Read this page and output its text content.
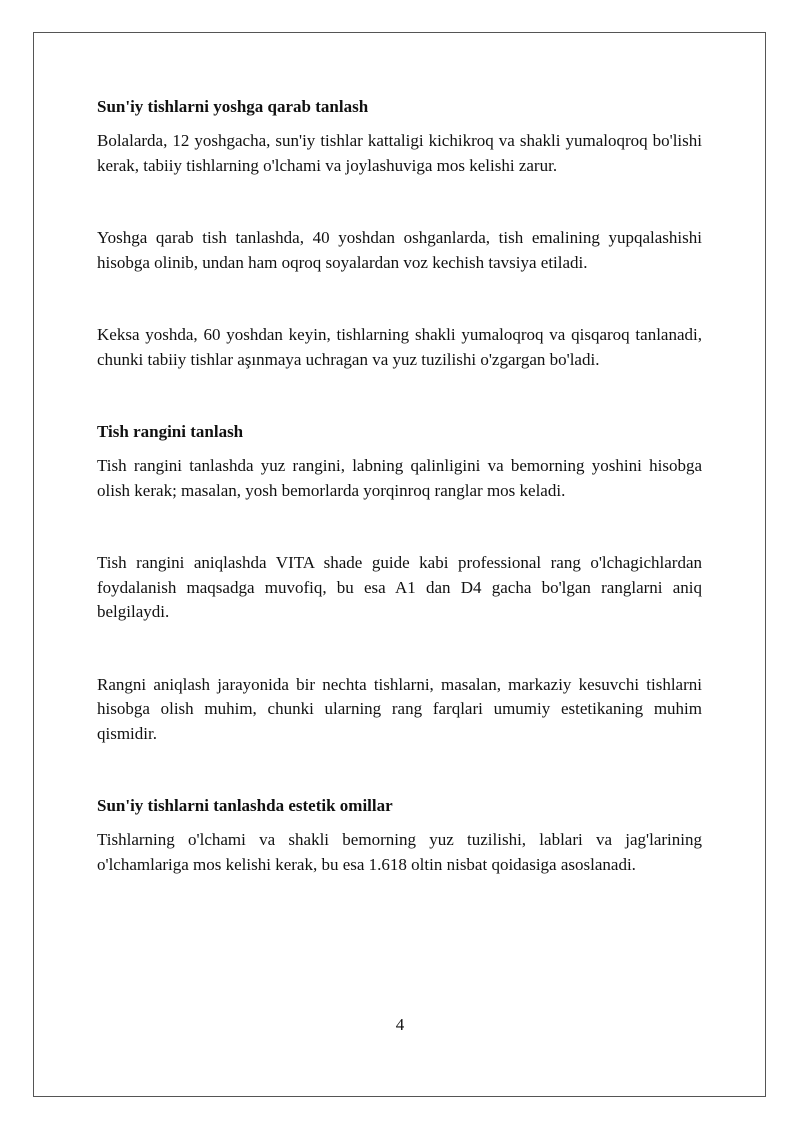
Sun'iy tishlarni yoshga qarab tanlash

Bolalarda, 12 yoshgacha, sun'iy tishlar kattaligi kichikroq va shakli yumaloqroq bo'lishi kerak, tabiiy tishlarning o'lchami va joylashuviga mos kelishi zarur.

Yoshga qarab tish tanlashda, 40 yoshdan oshganlarda, tish emalining yupqalashishi hisobga olinib, undan ham oqroq soyalardan voz kechish tavsiya etiladi.

Keksa yoshda, 60 yoshdan keyin, tishlarning shakli yumaloqroq va qisqaroq tanlanadi, chunki tabiiy tishlar aşınmaya uchragan va yuz tuzilishi o'zgargan bo'ladi.

Tish rangini tanlash

Tish rangini tanlashda yuz rangini, labning qalinligini va bemorning yoshini hisobga olish kerak; masalan, yosh bemorlarda yorqinroq ranglar mos keladi.

Tish rangini aniqlashda VITA shade guide kabi professional rang o'lchagichlardan foydalanish maqsadga muvofiq, bu esa A1 dan D4 gacha bo'lgan ranglarni aniq belgilaydi.

Rangni aniqlash jarayonida bir nechta tishlarni, masalan, markaziy kesuvchi tishlarni hisobga olish muhim, chunki ularning rang farqlari umumiy estetikaning muhim qismidir.

Sun'iy tishlarni tanlashda estetik omillar

Tishlarning o'lchami va shakli bemorning yuz tuzilishi, lablari va jag'larining o'lchamlariga mos kelishi kerak, bu esa 1.618 oltin nisbat qoidasiga asoslanadi.

4
